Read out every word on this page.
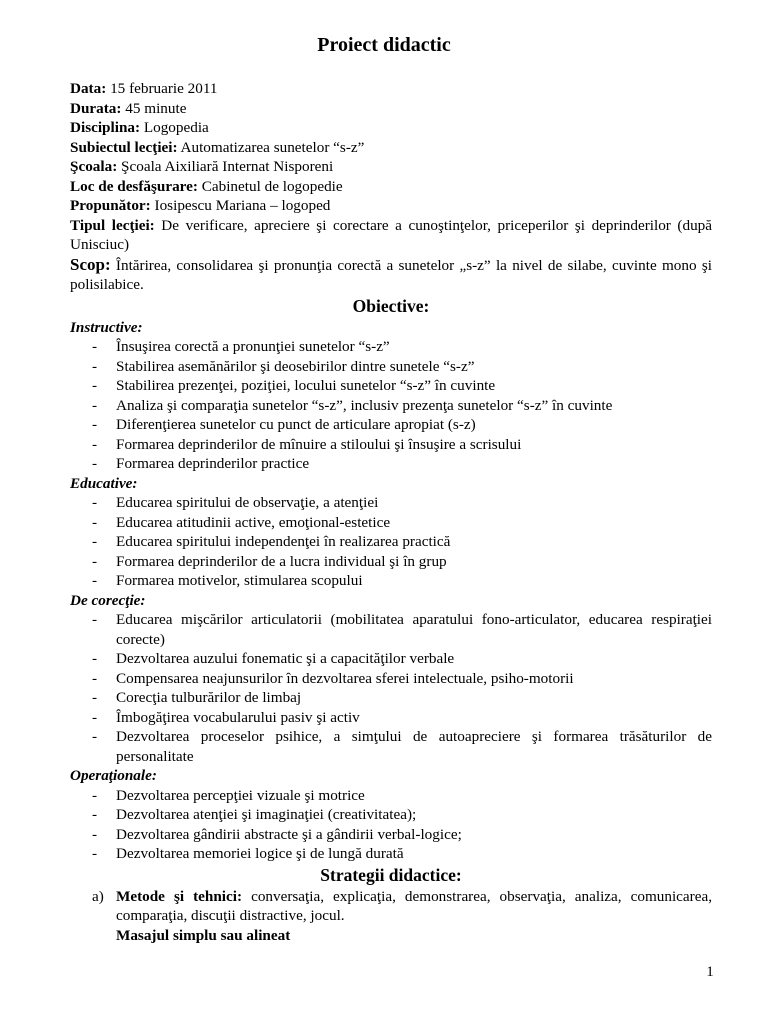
Proiect didactic

Data: 15 februarie 2011

Durata: 45 minute

Disciplina: Logopedia

Subiectul lecţiei: Automatizarea sunetelor “s-z”

Şcoala: Şcoala Aixiliară Internat Nisporeni

Loc de desfăşurare: Cabinetul de logopedie

Propunător: Iosipescu Mariana – logoped

Tipul lecţiei: De verificare, apreciere şi corectare a cunoştinţelor, priceperilor şi deprinderilor (după Unisciuc)

Scop: Întărirea, consolidarea şi pronunţia corectă a sunetelor „s-z” la nivel de silabe, cuvinte mono şi polisilabice.

Obiective:
Instructive:
- Însuşirea corectă a pronunţiei sunetelor “s-z”
- Stabilirea asemănărilor şi deosebirilor dintre sunetele “s-z”
- Stabilirea prezenţei, poziţiei, locului sunetelor “s-z” în cuvinte
- Analiza şi comparaţia sunetelor “s-z”, inclusiv prezenţa sunetelor “s-z” în cuvinte
- Diferenţierea sunetelor cu punct de articulare apropiat (s-z)
- Formarea deprinderilor de mînuire a stiloului şi însuşire a scrisului
- Formarea deprinderilor practice
Educative:
- Educarea spiritului de observaţie, a atenţiei
- Educarea atitudinii active, emoţional-estetice
- Educarea spiritului independenţei în realizarea practică
- Formarea deprinderilor de a lucra individual şi în grup
- Formarea motivelor, stimularea scopului
De corecţie:
- Educarea mişcărilor articulatorii (mobilitatea aparatului fono-articulator, educarea respiraţiei corecte)
- Dezvoltarea auzului fonematic şi a capacităţilor verbale
- Compensarea neajunsurilor în dezvoltarea sferei intelectuale, psiho-motorii
- Corecţia tulburărilor de limbaj
- Îmbogăţirea vocabularului pasiv şi activ
- Dezvoltarea proceselor psihice, a simţului de autoapreciere şi formarea trăsăturilor de personalitate
Operaţionale:
- Dezvoltarea percepţiei vizuale şi motrice
- Dezvoltarea atenţiei şi imaginaţiei (creativitatea);
- Dezvoltarea gândirii abstracte şi a gândirii verbal-logice;
- Dezvoltarea memoriei logice şi de lungă durată
Strategii didactice:
a) Metode şi tehnici: conversaţia, explicaţia, demonstrarea, observaţia, analiza, comunicarea, comparaţia, discuţii distractive, jocul.
Masajul simplu sau alineat
1
